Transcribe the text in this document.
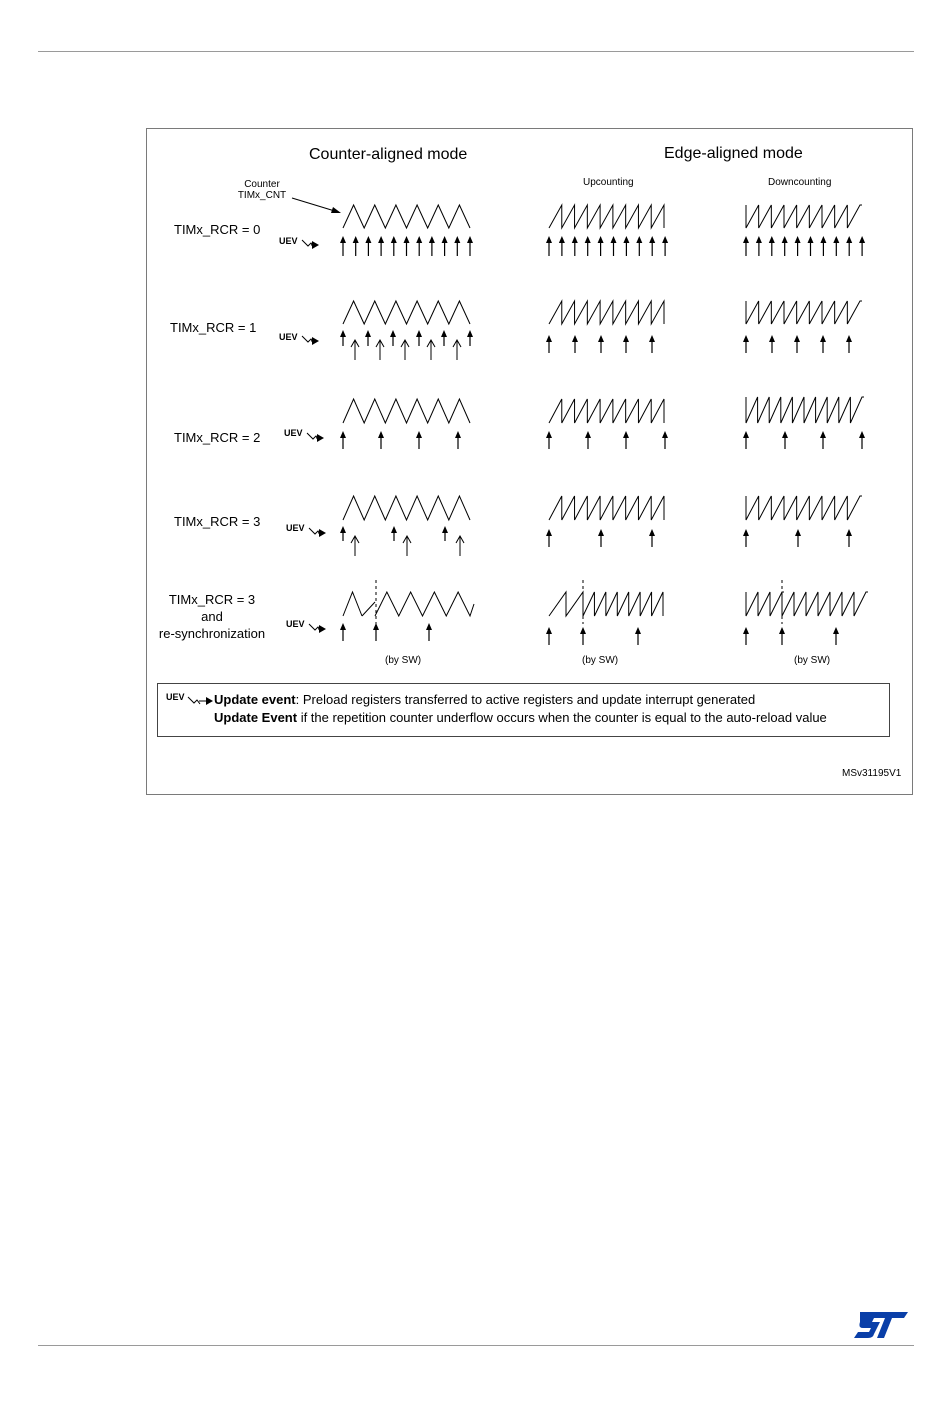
Counter-aligned mode	Edge-aligned mode
Upcounting	Downcounting
Counter
TIMx_CNT
TIMx_RCR = 0
TIMx_RCR = 1
TIMx_RCR = 2
TIMx_RCR = 3
TIMx_RCR = 3
and
re-synchronization
UEV
UEV
UEV
UEV
UEV
(by SW)	(by SW)	(by SW)
UEV Update event: Preload registers transferred to active registers and update interrupt generated
Update Event if the repetition counter underflow occurs when the counter is equal to the auto-reload value
MSv31195V1
